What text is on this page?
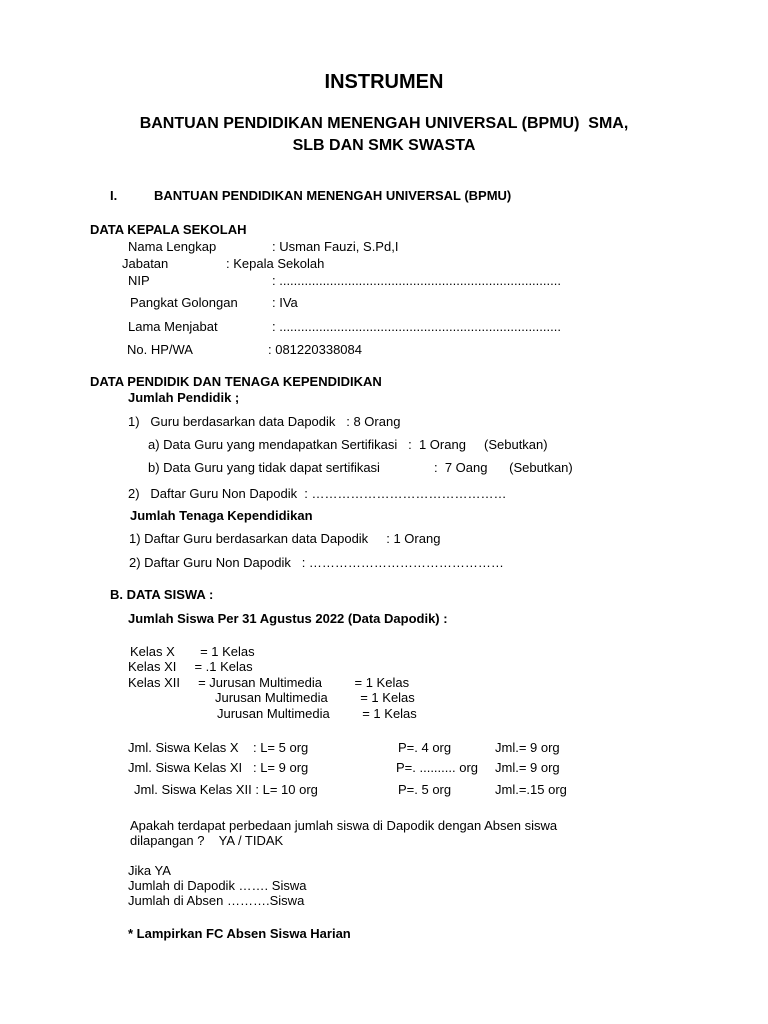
INSTRUMEN
BANTUAN PENDIDIKAN MENENGAH UNIVERSAL (BPMU)  SMA,
SLB DAN SMK SWASTA
I.	BANTUAN PENDIDIKAN MENENGAH UNIVERSAL (BPMU)
DATA KEPALA SEKOLAH
Nama Lengkap	: Usman Fauzi, S.Pd,I
Jabatan	: Kepala Sekolah
NIP	: ..............................................................................
Pangkat Golongan	: IVa
Lama Menjabat	: ..............................................................................
No. HP/WA	: 081220338084
DATA PENDIDIK DAN TENAGA KEPENDIDIKAN
Jumlah Pendidik ;
1)   Guru berdasarkan data Dapodik   : 8 Orang
a) Data Guru yang mendapatkan Sertifikasi   :  1 Orang     (Sebutkan)
b) Data Guru yang tidak dapat sertifikasi	:  7 Oang      (Sebutkan)
2)   Daftar Guru Non Dapodik  : ………………………………………
Jumlah Tenaga Kependidikan
1) Daftar Guru berdasarkan data Dapodik     : 1 Orang
2) Daftar Guru Non Dapodik   : ………………………………………
B. DATA SISWA :
Jumlah Siswa Per 31 Agustus 2022 (Data Dapodik) :
Kelas X       = 1 Kelas
Kelas XI     = .1 Kelas
Kelas XII     = Jurusan Multimedia         = 1 Kelas
Jurusan Multimedia         = 1 Kelas
Jurusan Multimedia         = 1 Kelas
Jml. Siswa Kelas X    : L= 5 org	P=. 4 org	Jml.= 9 org
Jml. Siswa Kelas XI   : L= 9 org	P=. .......... org Jml.= 9 org
Jml. Siswa Kelas XII : L= 10 org	P=. 5 org	Jml.=.15 org
Apakah terdapat perbedaan jumlah siswa di Dapodik dengan Absen siswa
dilapangan ?    YA / TIDAK
Jika YA
Jumlah di Dapodik ……. Siswa
Jumlah di Absen ……….Siswa
* Lampirkan FC Absen Siswa Harian
